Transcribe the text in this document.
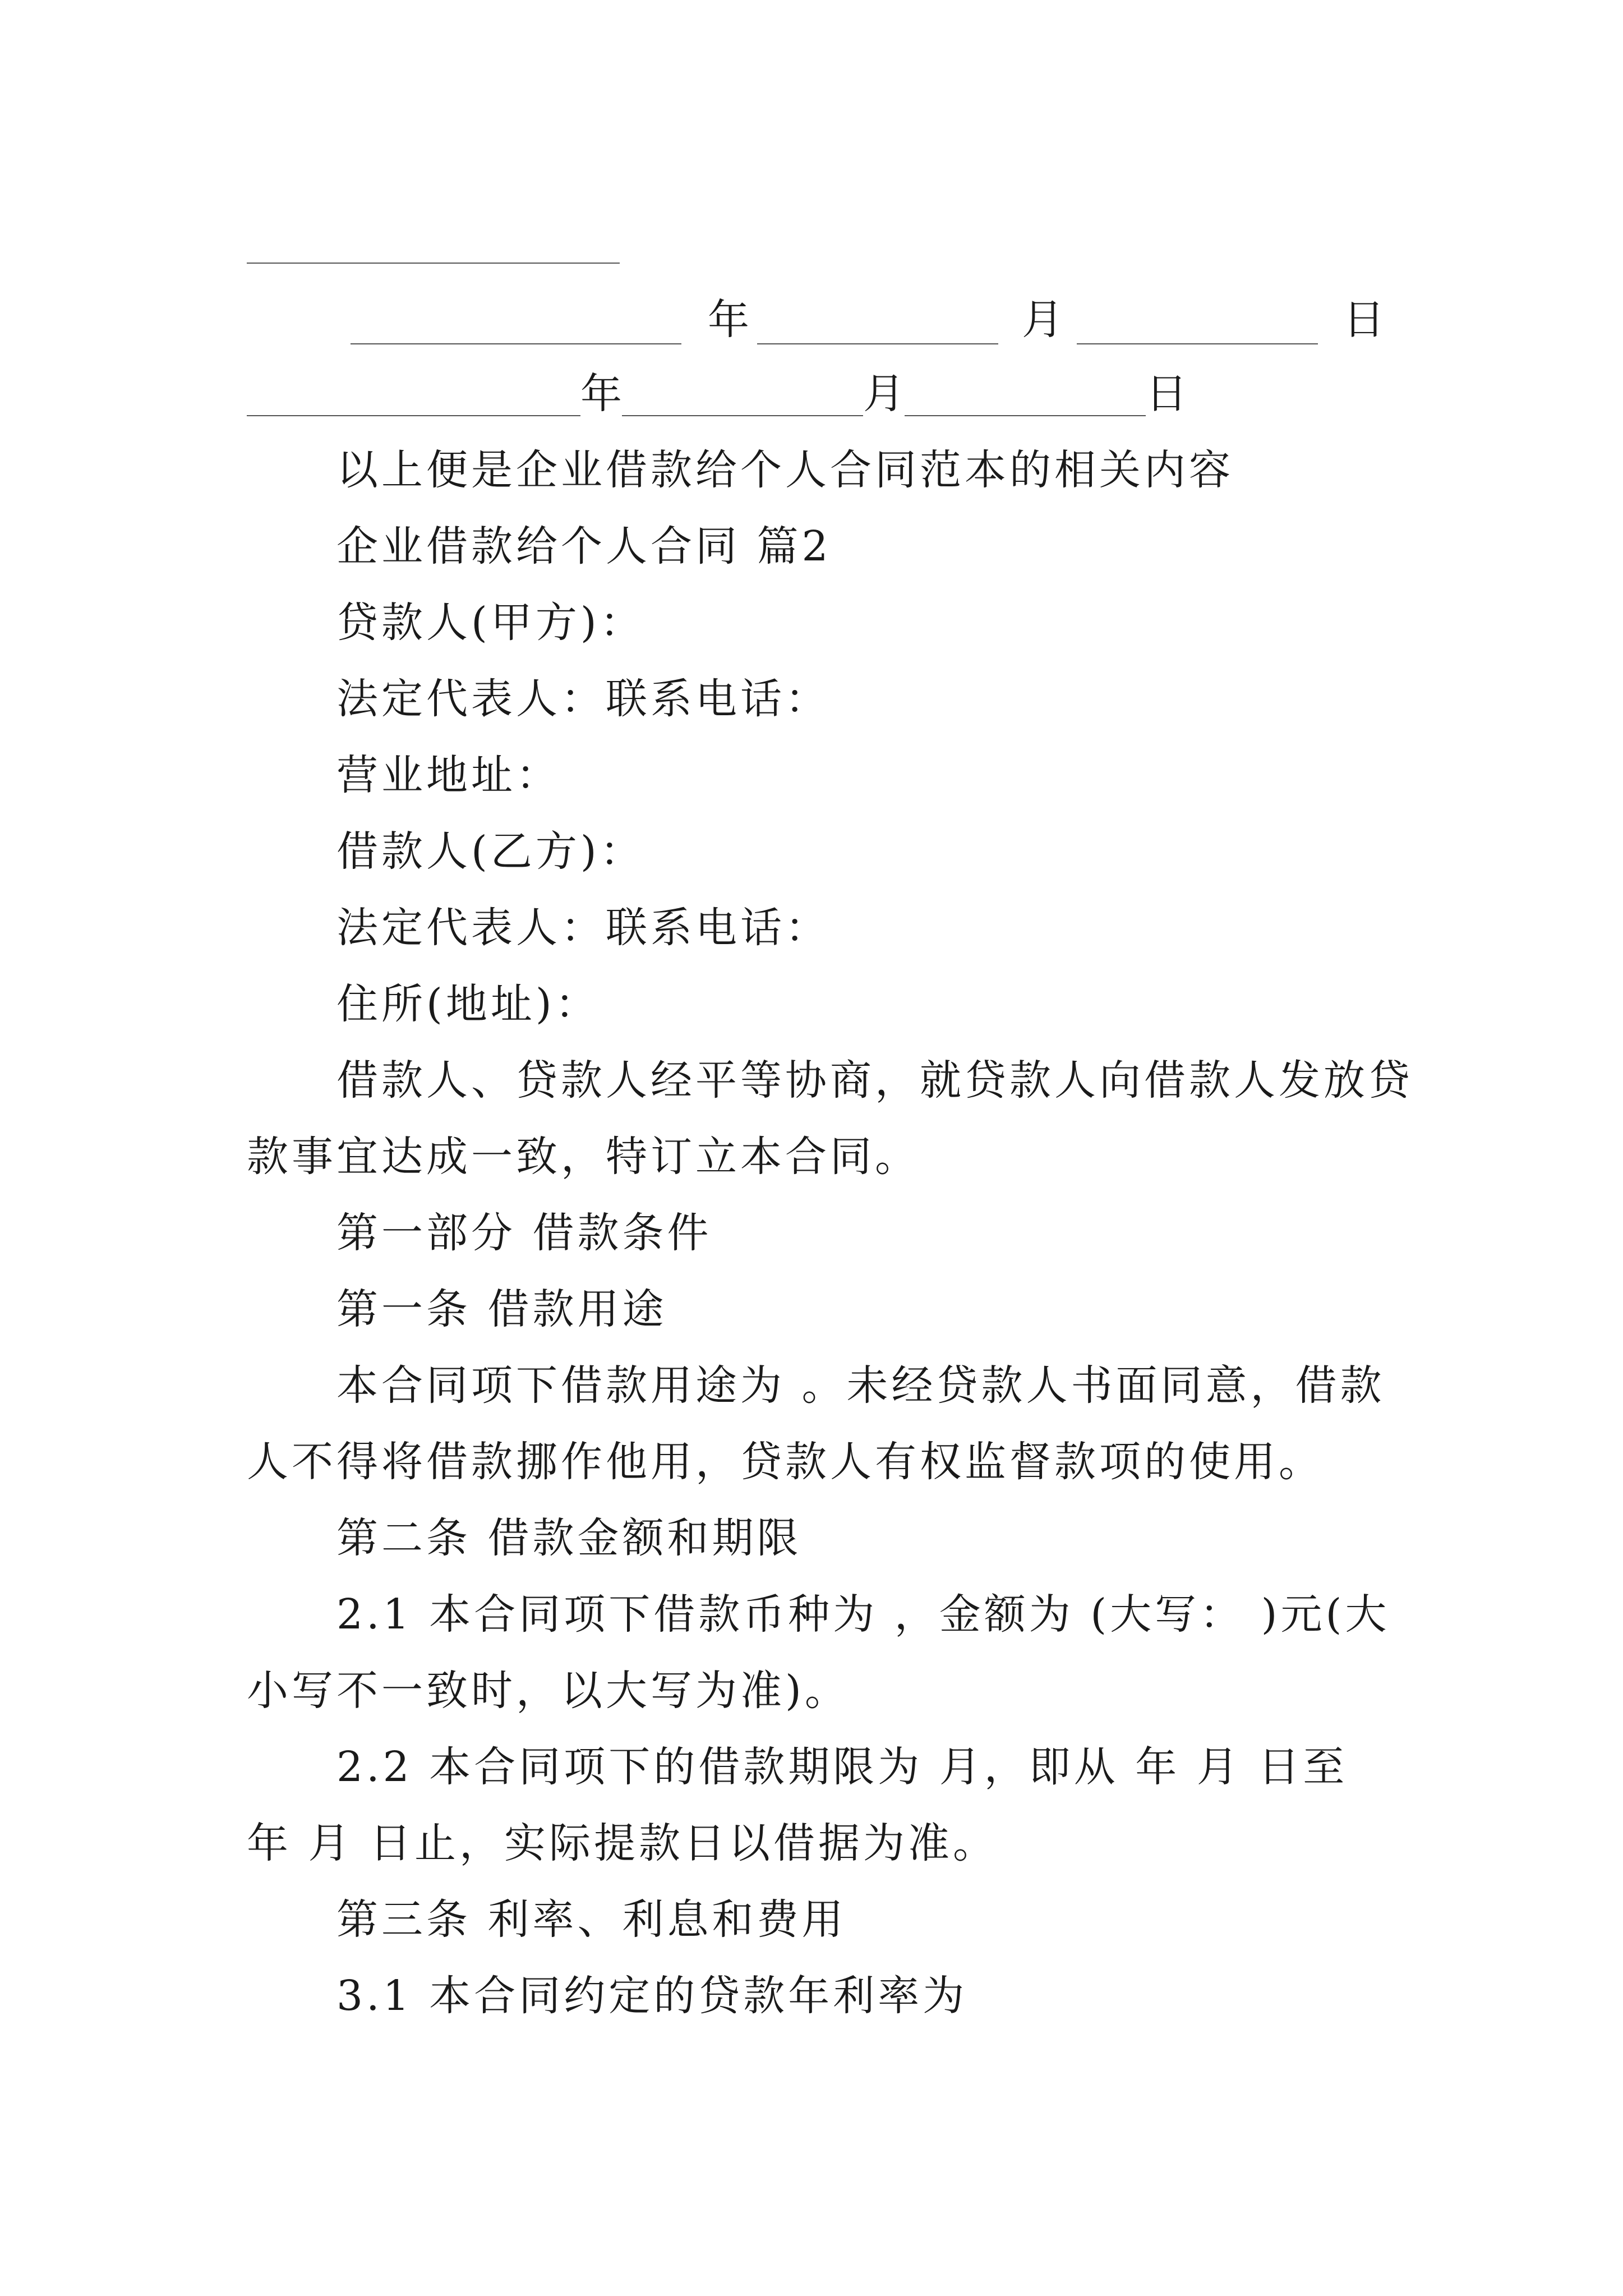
年	月	日
年	月	日
以上便是企业借款给个人合同范本的相关内容
企业借款给个人合同 篇2
贷款人(甲方)：
法定代表人：联系电话：
营业地址：
借款人(乙方)：
法定代表人：联系电话：
住所(地址)：
借款人、贷款人经平等协商，就贷款人向借款人发放贷
款事宜达成一致，特订立本合同。
第一部分 借款条件
第一条 借款用途
本合同项下借款用途为 。未经贷款人书面同意，借款
人不得将借款挪作他用，贷款人有权监督款项的使用。
第二条 借款金额和期限
2.1 本合同项下借款币种为 ，金额为 (大写： )元(大
小写不一致时，以大写为准)。
2.2 本合同项下的借款期限为 月，即从 年 月 日至
年 月 日止，实际提款日以借据为准。
第三条 利率、利息和费用
3.1 本合同约定的贷款年利率为
